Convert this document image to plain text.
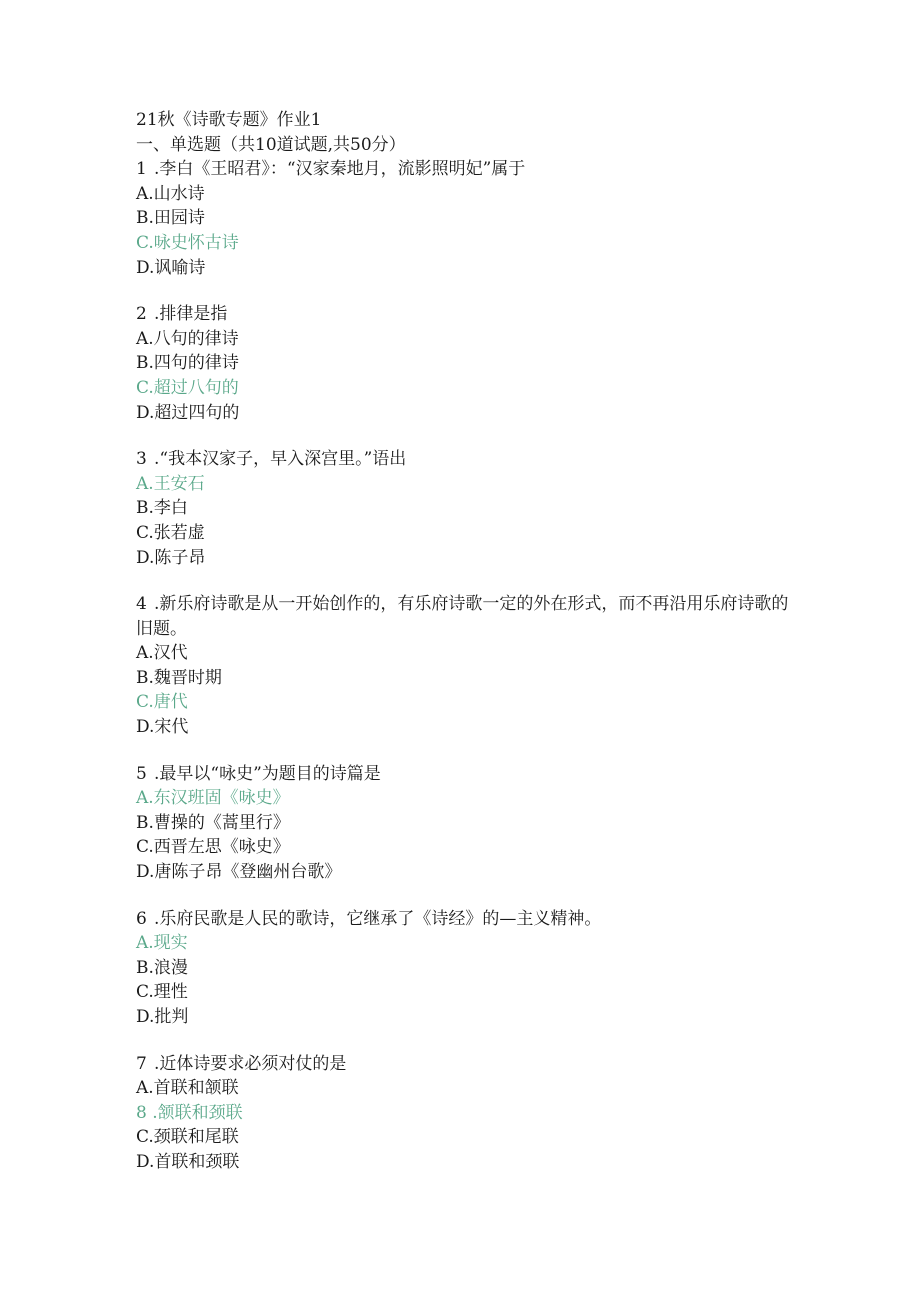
21秋《诗歌专题》作业1
一、单选题（共10道试题,共50分）
1 .李白《王昭君》：“汉家秦地月，流影照明妃”属于
A.山水诗
B.田园诗
C.咏史怀古诗
D.讽喻诗
2 .排律是指
A.八句的律诗
B.四句的律诗
C.超过八句的
D.超过四句的
3 .“我本汉家子，早入深宫里。”语出
A.王安石
B.李白
C.张若虚
D.陈子昂
4 .新乐府诗歌是从一开始创作的，有乐府诗歌一定的外在形式，而不再沿用乐府诗歌的旧题。
A.汉代
B.魏晋时期
C.唐代
D.宋代
5 .最早以“咏史”为题目的诗篇是
A.东汉班固《咏史》
B.曹操的《蒿里行》
C.西晋左思《咏史》
D.唐陈子昂《登幽州台歌》
6 .乐府民歌是人民的歌诗，它继承了《诗经》的—主义精神。
A.现实
B.浪漫
C.理性
D.批判
7 .近体诗要求必须对仗的是
A.首联和颔联
8 .颔联和颈联
C.颈联和尾联
D.首联和颈联
